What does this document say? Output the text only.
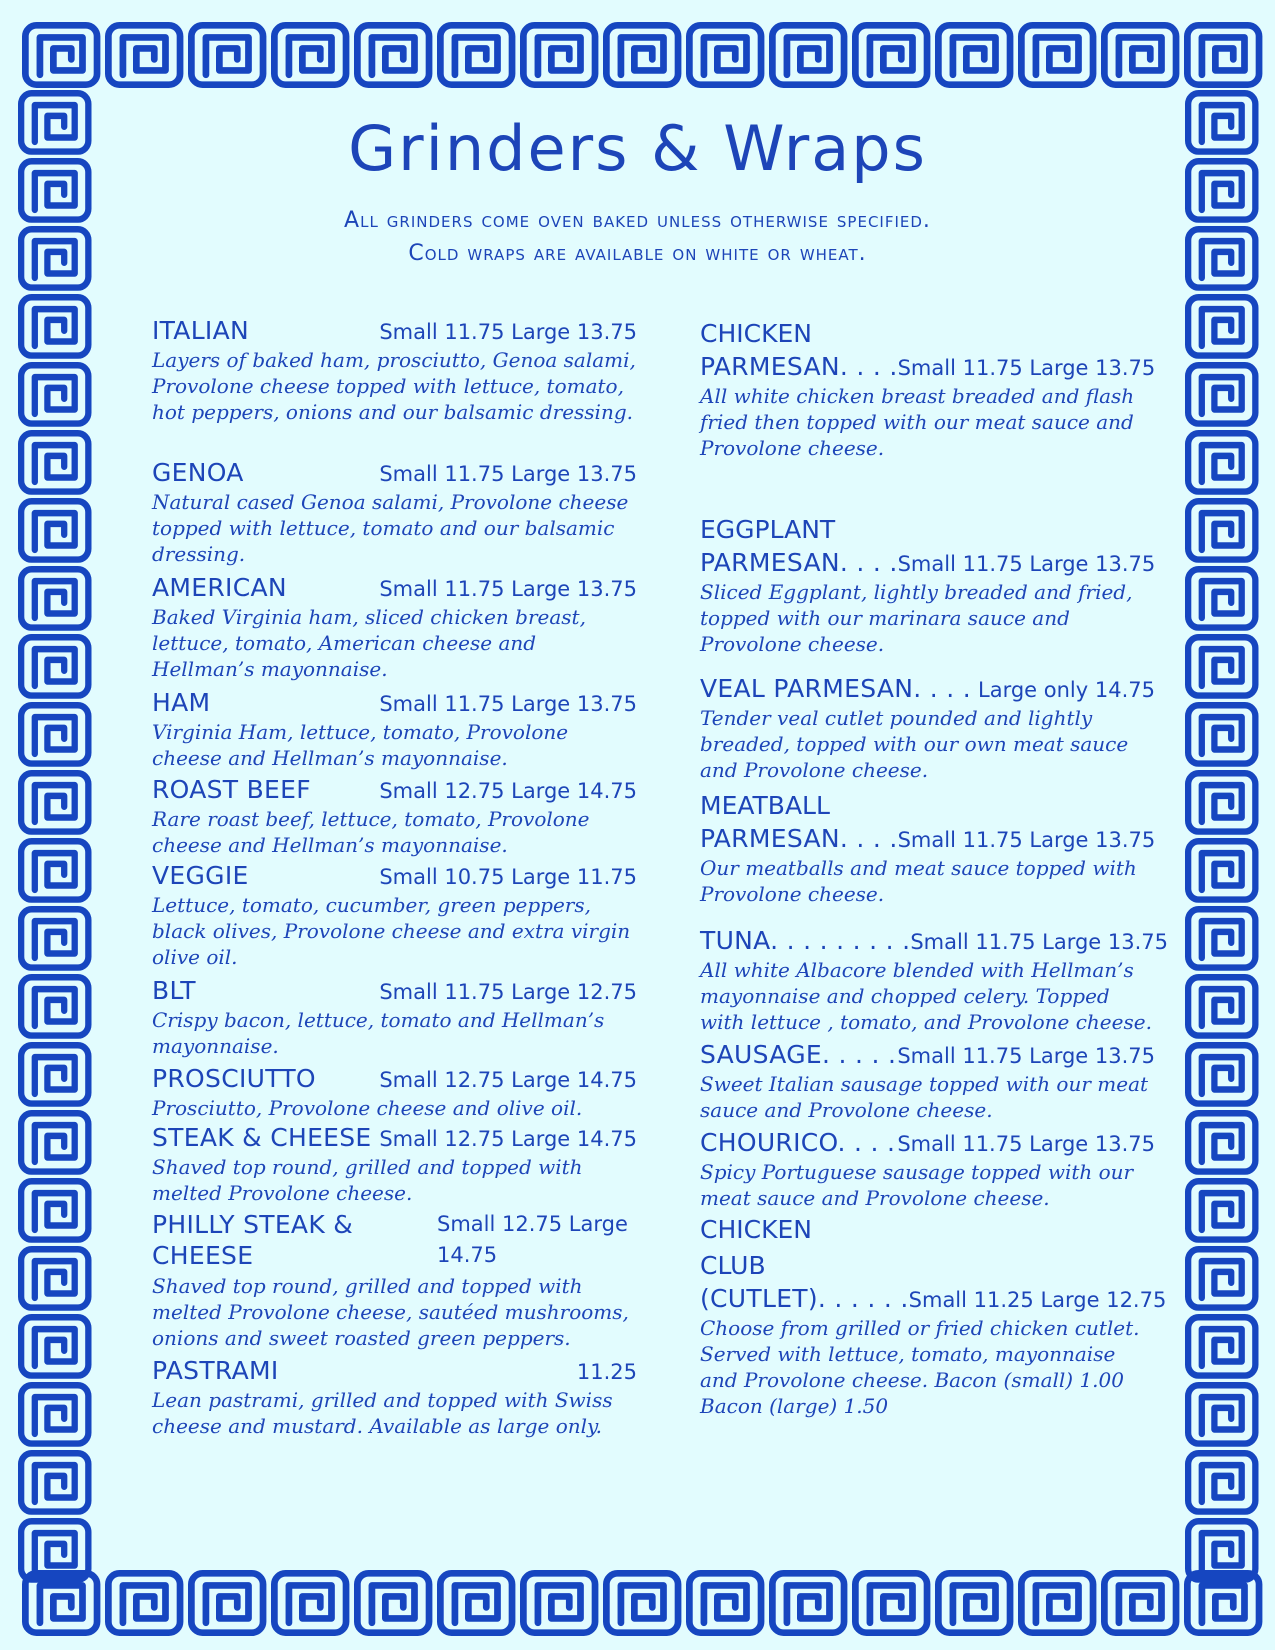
Grinders & Wraps
All grinders come oven baked unless otherwise specified.
Cold wraps are available on white or wheat.
ITALIAN	Small 11.75 Large 13.75
Layers of baked ham, prosciutto, Genoa salami, Provolone cheese topped with lettuce, tomato, hot peppers, onions and our balsamic dressing.
GENOA	Small 11.75 Large 13.75
Natural cased Genoa salami, Provolone cheese topped with lettuce, tomato and our balsamic dressing.
AMERICAN	Small 11.75 Large 13.75
Baked Virginia ham, sliced chicken breast, lettuce, tomato, American cheese and Hellman’s mayonnaise.
HAM	Small 11.75 Large 13.75
Virginia Ham, lettuce, tomato, Provolone cheese and Hellman’s mayonnaise.
ROAST BEEF	Small 12.75 Large 14.75
Rare roast beef, lettuce, tomato, Provolone cheese and Hellman’s mayonnaise.
VEGGIE	Small 10.75 Large 11.75
Lettuce, tomato, cucumber, green peppers, black olives, Provolone cheese and extra virgin olive oil.
BLT	Small 11.75 Large 12.75
Crispy bacon, lettuce, tomato and Hellman’s mayonnaise.
PROSCIUTTO	Small 12.75 Large 14.75
Prosciutto, Provolone cheese and olive oil.
STEAK & CHEESE Small 12.75 Large 14.75
Shaved top round, grilled and topped with melted Provolone cheese.
PHILLY STEAK & CHEESE
Small 12.75 Large 14.75
Shaved top round, grilled and topped with melted Provolone cheese, sautéed mushrooms, onions and sweet roasted green peppers.
PASTRAMI	11.25
Lean pastrami, grilled and topped with Swiss cheese and mustard. Available as large only.
CHICKEN
PARMESAN. . . . Small 11.75 Large 13.75
All white chicken breast breaded and flash fried then topped with our meat sauce and Provolone cheese.
EGGPLANT
PARMESAN. . . . Small 11.75 Large 13.75
Sliced Eggplant, lightly breaded and fried, topped with our marinara sauce and Provolone cheese.
VEAL PARMESAN. . . . Large only 14.75
Tender veal cutlet pounded and lightly breaded, topped with our own meat sauce and Provolone cheese.
MEATBALL
PARMESAN. . . . Small 11.75 Large 13.75
Our meatballs and meat sauce topped with Provolone cheese.
TUNA. . . . . . . . . Small 11.75 Large 13.75
All white Albacore blended with Hellman’s mayonnaise and chopped celery. Topped with lettuce , tomato, and Provolone cheese.
SAUSAGE. . . . . Small 11.75 Large 13.75
Sweet Italian sausage topped with our meat sauce and Provolone cheese.
CHOURICO. . . . Small 11.75 Large 13.75
Spicy Portuguese sausage topped with our meat sauce and Provolone cheese.
CHICKEN
CLUB
(CUTLET). . . . . . Small 11.25 Large 12.75
Choose from grilled or fried chicken cutlet. Served with lettuce, tomato, mayonnaise and Provolone cheese. Bacon (small) 1.00 Bacon (large) 1.50
